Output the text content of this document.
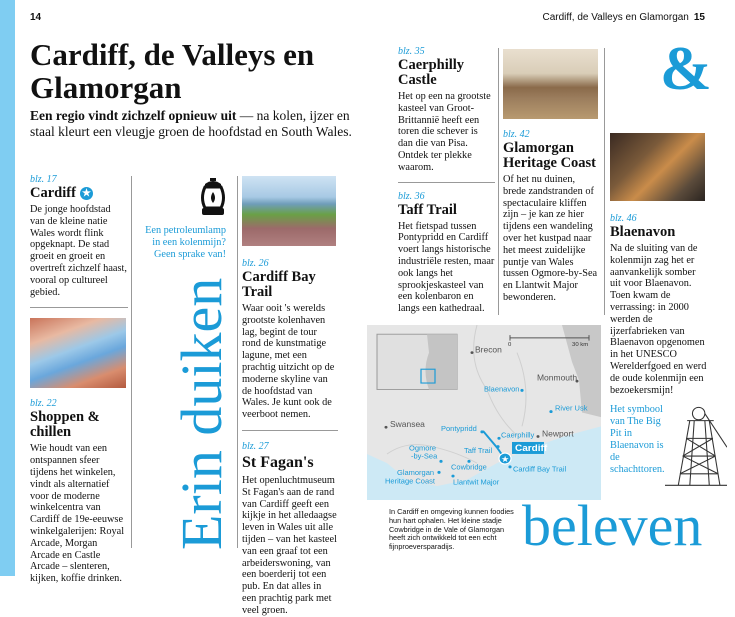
14	Cardiff, de Valleys en Glamorgan 15
Cardiff, de Valleys en Glamorgan

Een regio vindt zichzelf opnieuw uit — na kolen, ijzer en staal kleurt een vleugje groen de hoofdstad en South Wales.

blz. 17
Cardiff ★
De jonge hoofdstad van de kleine natie Wales wordt flink opgeknapt. De stad groeit en groeit en overtreft zichzelf haast, vooral op cultureel gebied.
blz. 22
Shoppen & chillen
Wie houdt van een ontspannen sfeer tijdens het winkelen, vindt als alternatief voor de moderne winkelcentra van Cardiff de 19e-eeuwse winkelgalerijen: Royal Arcade, Morgan Arcade en Castle Arcade – slenteren, kijken, koffie drinken.
Een petroleumlamp in een kolenmijn? Geen sprake van!
Erin duiken
blz. 26
Cardiff Bay Trail
Waar ooit 's werelds grootste kolenhaven lag, begint de tour rond de kunstmatige lagune, met een prachtig uitzicht op de moderne skyline van de hoofdstad van Wales. Je kunt ook de veerboot nemen.
blz. 27
St Fagan's
Het openluchtmuseum St Fagan's aan de rand van Cardiff geeft een kijkje in het alledaagse leven in Wales uit alle tijden – van het kasteel van een graaf tot een arbeiderswoning, van een boerderij tot een pub. En dat alles in een prachtig park met veel groen.
blz. 35
Caerphilly Castle
Het op een na grootste kasteel van Groot-Brittannië heeft een toren die schever is dan die van Pisa. Ontdek ter plekke waarom.
blz. 36
Taff Trail
Het fietspad tussen Pontypridd en Cardiff voert langs historische industriële resten, maar ook langs het sprookjeskasteel van een kolenbaron en langs een kathedraal.
blz. 42
Glamorgan Heritage Coast
Of het nu duinen, brede zandstranden of spectaculaire kliffen zijn – je kan ze hier tijdens een wandeling over het kustpad naar het meest zuidelijke puntje van Wales tussen Ogmore-by-Sea en Llantwit Major bewonderen.
0	30 km
Brecon
Monmouth
Swansea
Newport
Blaenavon
River Usk
Pontypridd
Caerphilly
Taff Trail
Cardiff Bay Trail
Cowbridge
Llantwit Major
Ogmore
-by-Sea
Glamorgan
Heritage Coast
★
Cardiff
&
blz. 46
Blaenavon
Na de sluiting van de kolenmijn zag het er aanvankelijk somber uit voor Blaenavon. Toen kwam de verrassing: in 2000 werden de ijzerfabrieken van Blaenavon opgenomen in het UNESCO Werelderfgoed en werd de oude kolenmijn een bezoekersmijn!
Het symbool van The Big Pit in Blaenavon is de schachttoren.
In Cardiff en omgeving kunnen foodies hun hart ophalen. Het kleine stadje Cowbridge in de Vale of Glamorgan heeft zich ontwikkeld tot een echt fijnproeversparadijs.	beleven
